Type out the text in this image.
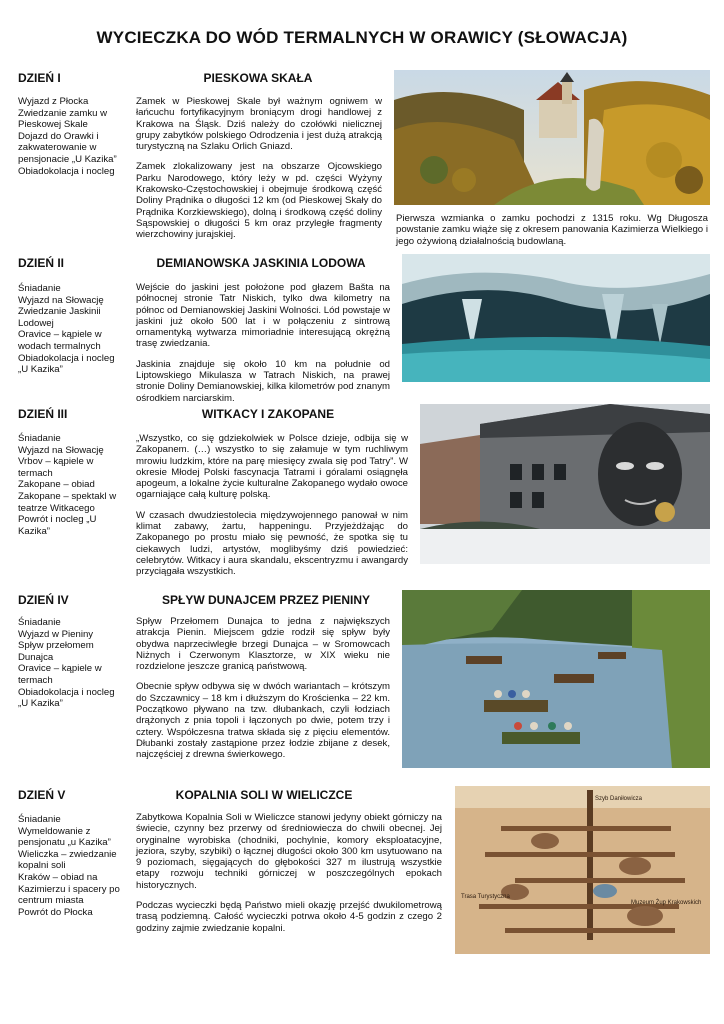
WYCIECZKA DO WÓD TERMALNYCH W ORAWICY (SŁOWACJA)
DZIEŃ I	PIESKOWA SKAŁA
Wyjazd z Płocka
Zwiedzanie zamku w Pieskowej Skale
Dojazd do Orawki i zakwaterowanie w pensjonacie „U Kazika”
Obiadokolacja i nocleg

Zamek w Pieskowej Skale był ważnym ogniwem w łańcuchu fortyfikacyjnym broniącym drogi handlowej z Krakowa na Śląsk. Dziś należy do czołówki nielicznej grupy zabytków polskiego Odrodzenia i jest dużą atrakcją turystyczną na Szlaku Orlich Gniazd.

Zamek zlokalizowany jest na obszarze Ojcowskiego Parku Narodowego, który leży w pd. części Wyżyny Krakowsko-Częstochowskiej i obejmuje środkową część Doliny Prądnika o długości 12 km (od Pieskowej Skały do Prądnika Korzkiewskiego), dolną i środkową część doliny Sąspowskiej o długości 5 km oraz przyległe fragmenty wierzchowiny jurajskiej.

Pierwsza wzmianka o zamku pochodzi z 1315 roku. Wg Długosza powstanie zamku wiąże się z okresem panowania Kazimierza Wielkiego i jego ożywioną działalnością budowlaną.
DZIEŃ II	DEMIANOWSKA JASKINIA LODOWA
Śniadanie
Wyjazd na Słowację
Zwiedzanie Jaskinii Lodowej
Oravice – kąpiele w wodach termalnych
Obiadokolacja i nocleg „U Kazika”

Wejście do jaskini jest położone pod głazem Bašta na północnej stronie Tatr Niskich, tylko dwa kilometry na północ od Demianowskiej Jaskini Wolności. Lód powstaje w jaskini już około 500 lat i w połączeniu z sintrową ornamentyką wytwarza mimoriadnie interesującą okrężną trasę zwiedzania.

Jaskinia znajduje się około 10 km na południe od Liptowskiego Mikulasza w Tatrach Niskich, na prawej stronie Doliny Demianowskiej, kilka kilometrów pod znanym ośrodkiem narciarskim.

DZIEŃ III	WITKACY I ZAKOPANE
Śniadanie
Wyjazd na Słowację
Vrbov – kąpiele w termach
Zakopane – obiad
Zakopane – spektakl w teatrze Witkacego
Powrót i nocleg „U Kazika”

„Wszystko, co się gdziekolwiek w Polsce dzieje, odbija się w Zakopanem. (…) wszystko to się załamuje w tym ruchliwym mrowiu ludzkim, które na parę miesięcy zwala się pod Tatry”. W okresie Młodej Polski fascynacja Tatrami i góralami osiągnęła apogeum, a lokalne życie kulturalne Zakopanego wydało owoce ogarniające całą kulturę polską.

W czasach dwudziestolecia międzywojennego panował w nim klimat zabawy, żartu, happeningu. Przyjeżdżając do Zakopanego po prostu miało się pewność, że spotka się tu ciekawych ludzi, artystów, moglibyśmy dziś powiedzieć: celebrytów. Witkacy i aura skandalu, ekscentryzmu i awangardy przyciągała wszystkich.

DZIEŃ IV	SPŁYW DUNAJCEM PRZEZ PIENINY
Śniadanie
Wyjazd w Pieniny
Spływ przełomem Dunajca
Oravice – kąpiele w termach
Obiadokolacja i nocleg „U Kazika”

Spływ Przełomem Dunajca to jedna z największych atrakcja Pienin. Miejscem gdzie rodził się spływ były obydwa naprzeciwległe brzegi Dunajca – w Sromowcach Niżnych i Czerwonym Klasztorze, w XIX wieku nie rozdzielone jeszcze granicą państwową.

Obecnie spływ odbywa się w dwóch wariantach – krótszym do Szczawnicy – 18 km i dłuższym do Krościenka – 22 km. Początkowo pływano na tzw. dłubankach, czyli łodziach drążonych z pnia topoli i łączonych po dwie, potem trzy i cztery. Współczesna tratwa składa się z pięciu elementów. Dłubanki zostały zastąpione przez łodzie zbijane z desek, najczęściej z drewna świerkowego.

DZIEŃ V	KOPALNIA SOLI W WIELICZCE
Śniadanie
Wymeldowanie z pensjonatu „u Kazika”
Wieliczka – zwiedzanie kopalni soli
Kraków – obiad na Kazimierzu i spacery po centrum miasta
Powrót do Płocka

Zabytkowa Kopalnia Soli w Wieliczce stanowi jedyny obiekt górniczy na świecie, czynny bez przerwy od średniowiecza do chwili obecnej. Jej oryginalne wyrobiska (chodniki, pochylnie, komory eksploatacyjne, jeziora, szyby, szybiki) o łącznej długości około 300 km usytuowano na 9 poziomach, sięgających do głębokości 327 m ilustrują wszystkie etapy rozwoju techniki górniczej w poszczególnych epokach historycznych.

Podczas wycieczki będą Państwo mieli okazję przejść dwukilometrową trasą podziemną. Całość wycieczki potrwa około 4-5 godzin z czego 2 godziny zajmie zwiedzanie kopalni.

Szyb Daniłowicza
Trasa Turystyczna
Muzeum Żup Krakowskich
